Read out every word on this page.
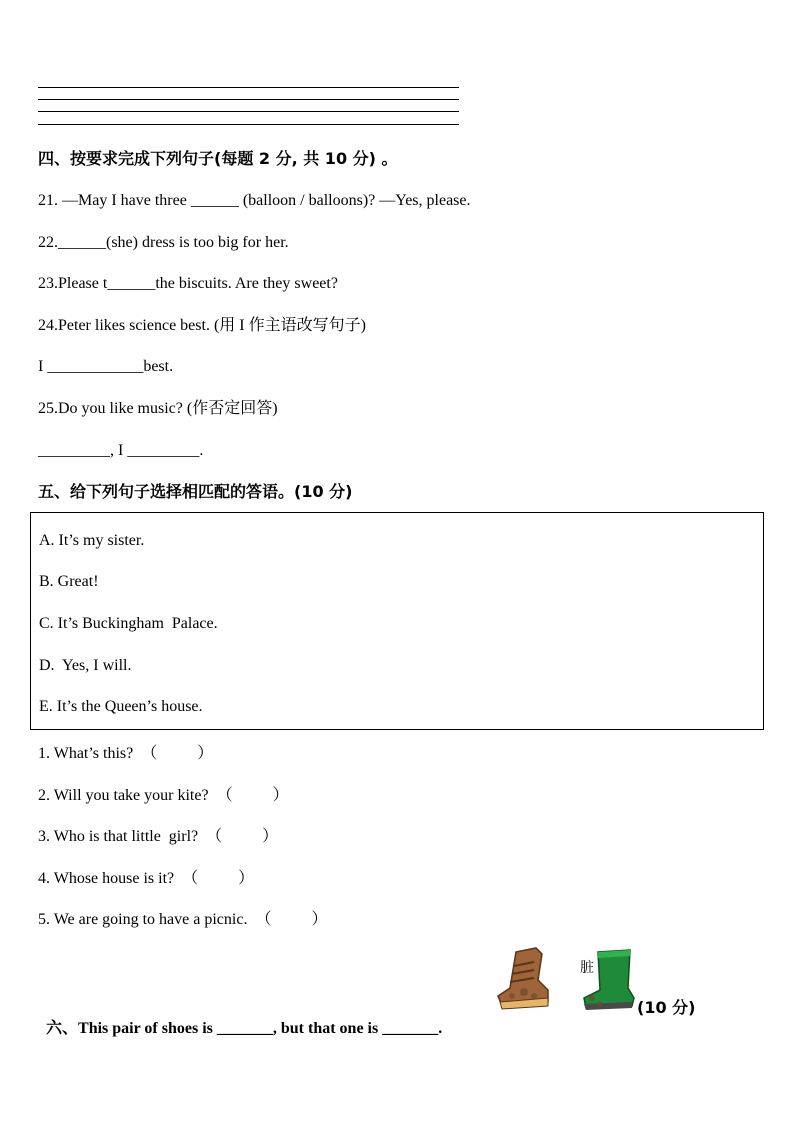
四、按要求完成下列句子(每题 2 分, 共 10 分) 。
21. —May I have three ______ (balloon / balloons)? —Yes, please.
22.______(she) dress is too big for her.
23.Please t______the biscuits. Are they sweet?
24.Peter likes science best. (用 I 作主语改写句子)
I ____________best.
25.Do you like music? (作否定回答)
_________, I _________.
五、给下列句子选择相匹配的答语。(10 分)
A. It’s my sister.
B. Great!
C. It’s Buckingham  Palace.
D.  Yes, I will.
E. It’s the Queen’s house.
1. What’s this?  （          ）
2. Will you take your kite?  （          ）
3. Who is that little  girl?  （          ）
4. Whose house is it?  （          ）
5. We are going to have a picnic.  （          ）

六、This pair of shoes is _______, but that one is _______.

脏
(10 分)
